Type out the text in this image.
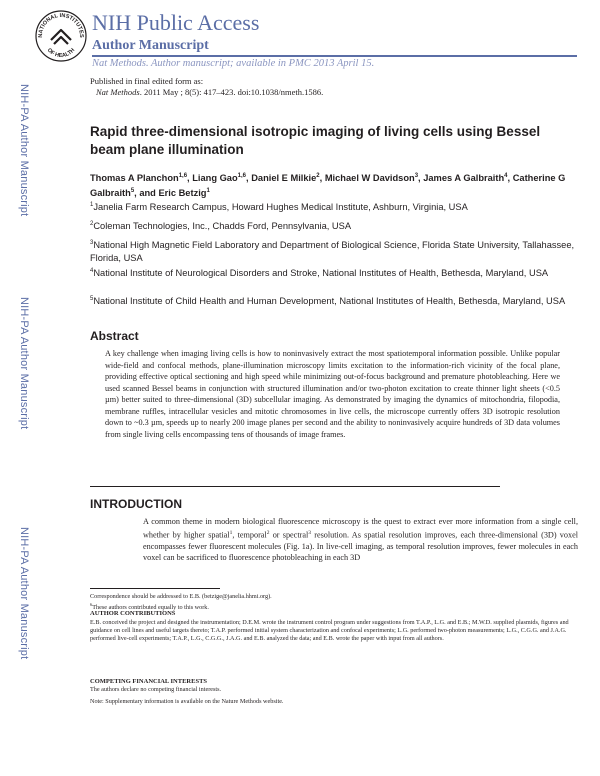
NATIONAL INSTITUTES
OF HEALTH
NIH Public Access
Author Manuscript
Nat Methods. Author manuscript; available in PMC 2013 April 15.
Published in final edited form as:
Nat Methods. 2011 May ; 8(5): 417–423. doi:10.1038/nmeth.1586.
NIH-PA Author Manuscript
NIH-PA Author Manuscript
NIH-PA Author Manuscript
Rapid three-dimensional isotropic imaging of living cells using Bessel beam plane illumination
Thomas A Planchon$^{1,6}$, Liang Gao$^{1,6}$, Daniel E Milkie$^2$, Michael W Davidson$^3$, James A Galbraith$^4$, Catherine G Galbraith$^5$, and Eric Betzig$^1$
$^1$Janelia Farm Research Campus, Howard Hughes Medical Institute, Ashburn, Virginia, USA
$^2$Coleman Technologies, Inc., Chadds Ford, Pennsylvania, USA
$^3$National High Magnetic Field Laboratory and Department of Biological Science, Florida State University, Tallahassee, Florida, USA
$^4$National Institute of Neurological Disorders and Stroke, National Institutes of Health, Bethesda, Maryland, USA
$^5$National Institute of Child Health and Human Development, National Institutes of Health, Bethesda, Maryland, USA
Abstract
A key challenge when imaging living cells is how to noninvasively extract the most spatiotemporal information possible. Unlike popular wide-field and confocal methods, plane-illumination microscopy limits excitation to the information-rich vicinity of the focal plane, providing effective optical sectioning and high speed while minimizing out-of-focus background and premature photobleaching. Here we used scanned Bessel beams in conjunction with structured illumination and/or two-photon excitation to create thinner light sheets (<0.5 µm) better suited to three-dimensional (3D) subcellular imaging. As demonstrated by imaging the dynamics of mitochondria, filopodia, membrane ruffles, intracellular vesicles and mitotic chromosomes in live cells, the microscope currently offers 3D isotropic resolution down to ~0.3 µm, speeds up to nearly 200 image planes per second and the ability to noninvasively acquire hundreds of 3D data volumes from single living cells encompassing tens of thousands of image frames.
INTRODUCTION
A common theme in modern biological fluorescence microscopy is the quest to extract ever more information from a single cell, whether by higher spatial$^1$, temporal$^2$ or spectral$^3$ resolution. As spatial resolution improves, each three-dimensional (3D) voxel encompasses fewer fluorescent molecules (Fig. 1a). In live-cell imaging, as temporal resolution improves, fewer molecules in each voxel can be sacrificed to fluorescence photobleaching in each 3D
Correspondence should be addressed to E.B. (betzige@janelia.hhmi.org).
$^6$These authors contributed equally to this work.
AUTHOR CONTRIBUTIONS
E.B. conceived the project and designed the instrumentation; D.E.M. wrote the instrument control program under suggestions from T.A.P., L.G. and E.B.; M.W.D. supplied plasmids, figures and guidance on cell lines and useful targets thereto; T.A.P. performed initial system characterization and confocal experiments; L.G. performed two-photon measurements; L.G., C.G.G. and J.A.G. performed live-cell experiments; T.A.P., L.G., C.G.G., J.A.G. and E.B. analyzed the data; and E.B. wrote the paper with input from all authors.
COMPETING FINANCIAL INTERESTS
The authors declare no competing financial interests.
Note: Supplementary information is available on the Nature Methods website.
